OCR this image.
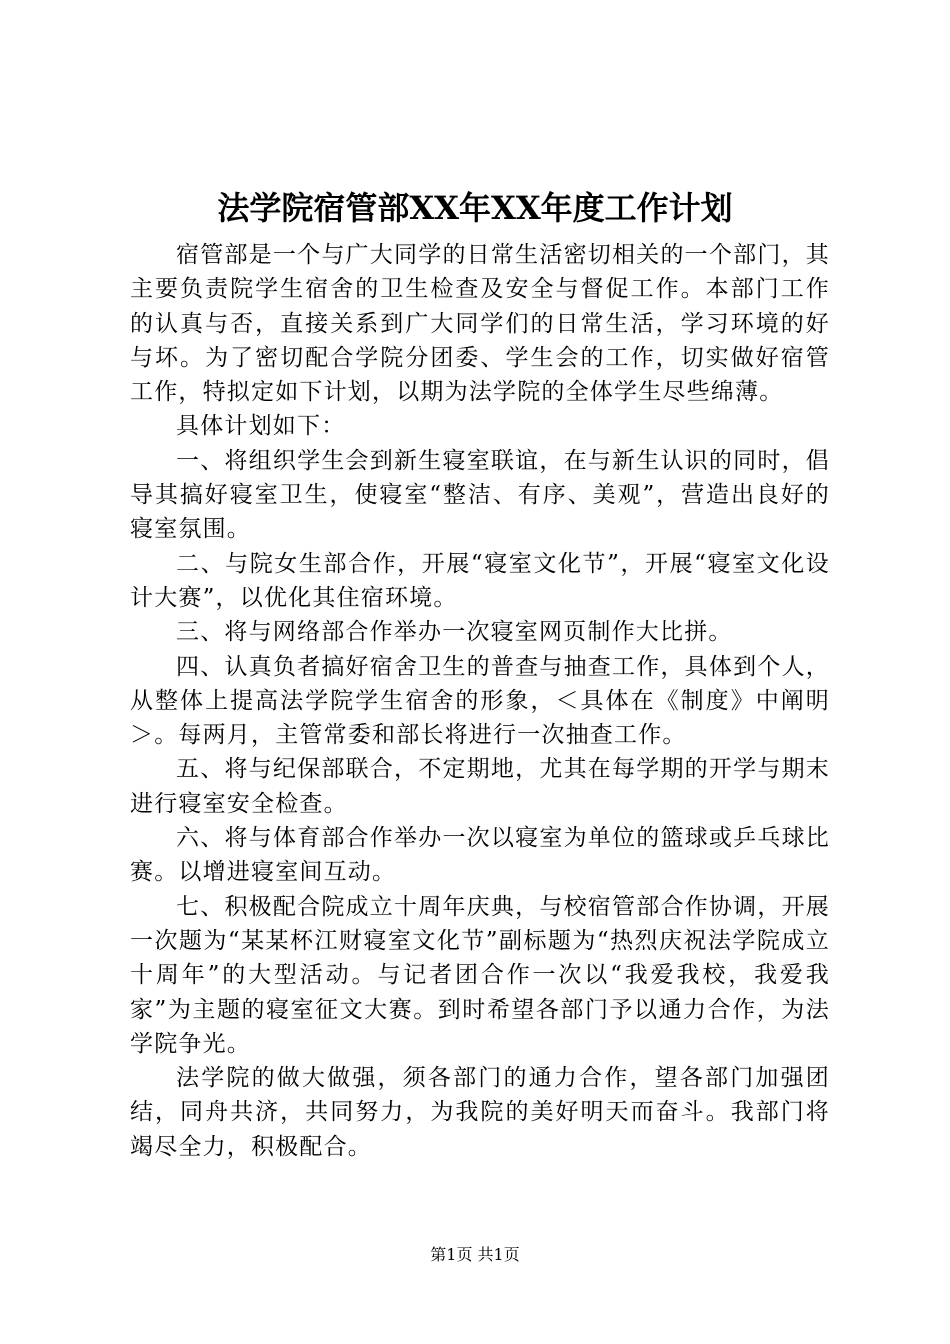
法学院宿管部XX年XX年度工作计划

宿管部是一个与广大同学的日常生活密切相关的一个部门，其主要负责院学生宿舍的卫生检查及安全与督促工作。本部门工作的认真与否，直接关系到广大同学们的日常生活，学习环境的好与坏。为了密切配合学院分团委、学生会的工作，切实做好宿管工作，特拟定如下计划，以期为法学院的全体学生尽些绵薄。

具体计划如下：

一、将组织学生会到新生寝室联谊，在与新生认识的同时，倡导其搞好寝室卫生，使寝室“整洁、有序、美观”，营造出良好的寝室氛围。

二、与院女生部合作，开展“寝室文化节”，开展“寝室文化设计大赛”，以优化其住宿环境。

三、将与网络部合作举办一次寝室网页制作大比拼。

四、认真负者搞好宿舍卫生的普查与抽查工作，具体到个人，从整体上提高法学院学生宿舍的形象，＜具体在《制度》中阐明＞。每两月，主管常委和部长将进行一次抽查工作。

五、将与纪保部联合，不定期地，尤其在每学期的开学与期末进行寝室安全检查。

六、将与体育部合作举办一次以寝室为单位的篮球或乒乓球比赛。以增进寝室间互动。

七、积极配合院成立十周年庆典，与校宿管部合作协调，开展一次题为“某某杯江财寝室文化节”副标题为“热烈庆祝法学院成立十周年”的大型活动。与记者团合作一次以“我爱我校，我爱我家”为主题的寝室征文大赛。到时希望各部门予以通力合作，为法学院争光。

法学院的做大做强，须各部门的通力合作，望各部门加强团结，同舟共济，共同努力，为我院的美好明天而奋斗。我部门将竭尽全力，积极配合。

第1页 共1页
